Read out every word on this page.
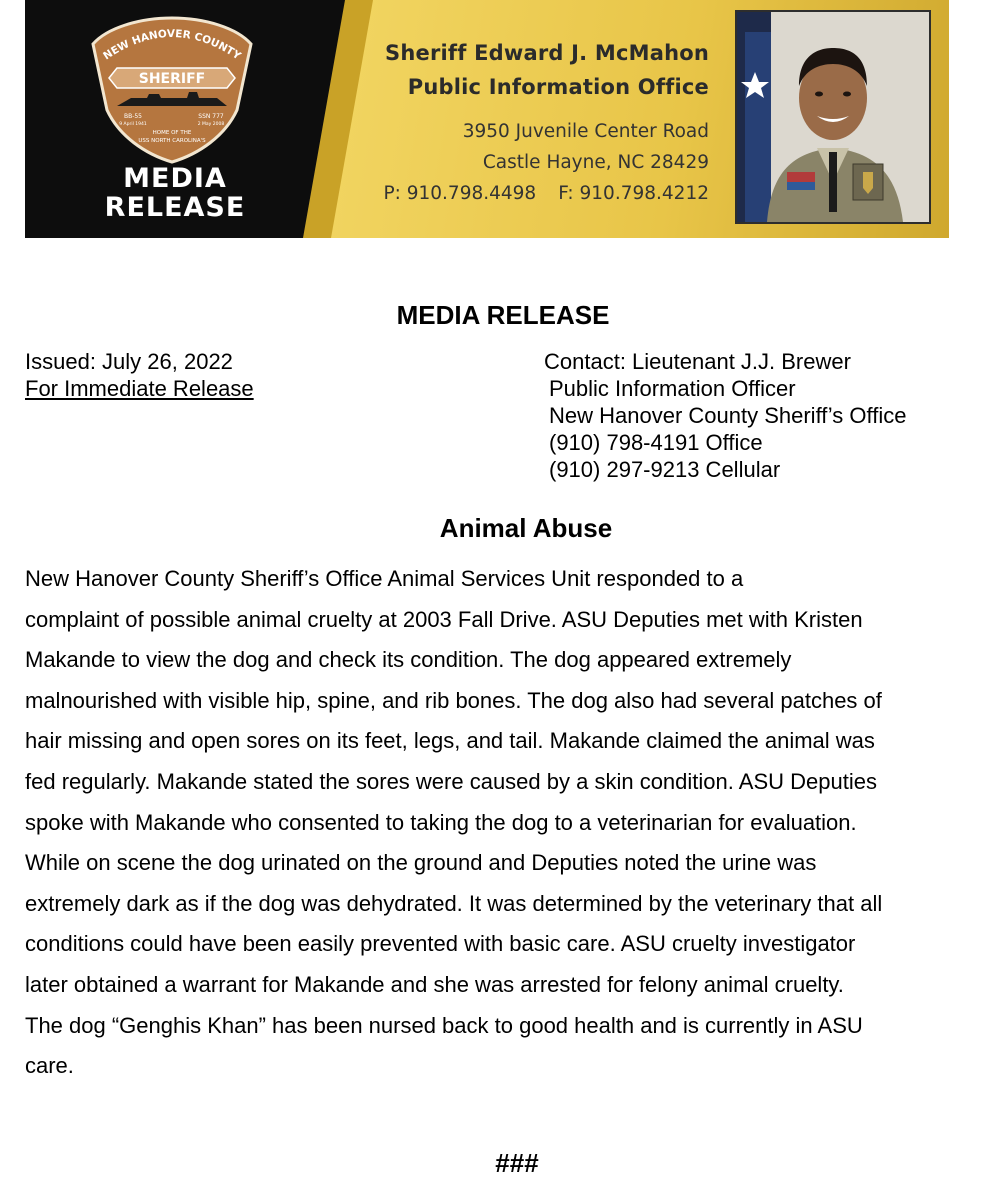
NEW HANOVER COUNTY
SHERIFF
BB-55
9 April 1941
SSN 777
2 May 2008
HOME OF THE
USS NORTH CAROLINA'S
MEDIA
RELEASE
Sheriff Edward J. McMahon
Public Information Office
3950 Juvenile Center Road
Castle Hayne, NC 28429
P: 910.798.4498 F: 910.798.4212
MEDIA RELEASE
Issued: July 26, 2022
For Immediate Release
Contact: Lieutenant J.J. Brewer
Public Information Officer
New Hanover County Sheriff’s Office
(910) 798-4191 Office
(910) 297-9213 Cellular
Animal Abuse
New Hanover County Sheriff’s Office Animal Services Unit responded to a
complaint of possible animal cruelty at 2003 Fall Drive. ASU Deputies met with Kristen
Makande to view the dog and check its condition. The dog appeared extremely
malnourished with visible hip, spine, and rib bones. The dog also had several patches of
hair missing and open sores on its feet, legs, and tail. Makande claimed the animal was
fed regularly. Makande stated the sores were caused by a skin condition. ASU Deputies
spoke with Makande who consented to taking the dog to a veterinarian for evaluation.
While on scene the dog urinated on the ground and Deputies noted the urine was
extremely dark as if the dog was dehydrated. It was determined by the veterinary that all
conditions could have been easily prevented with basic care. ASU cruelty investigator
later obtained a warrant for Makande and she was arrested for felony animal cruelty.
The dog “Genghis Khan” has been nursed back to good health and is currently in ASU
care.
###
